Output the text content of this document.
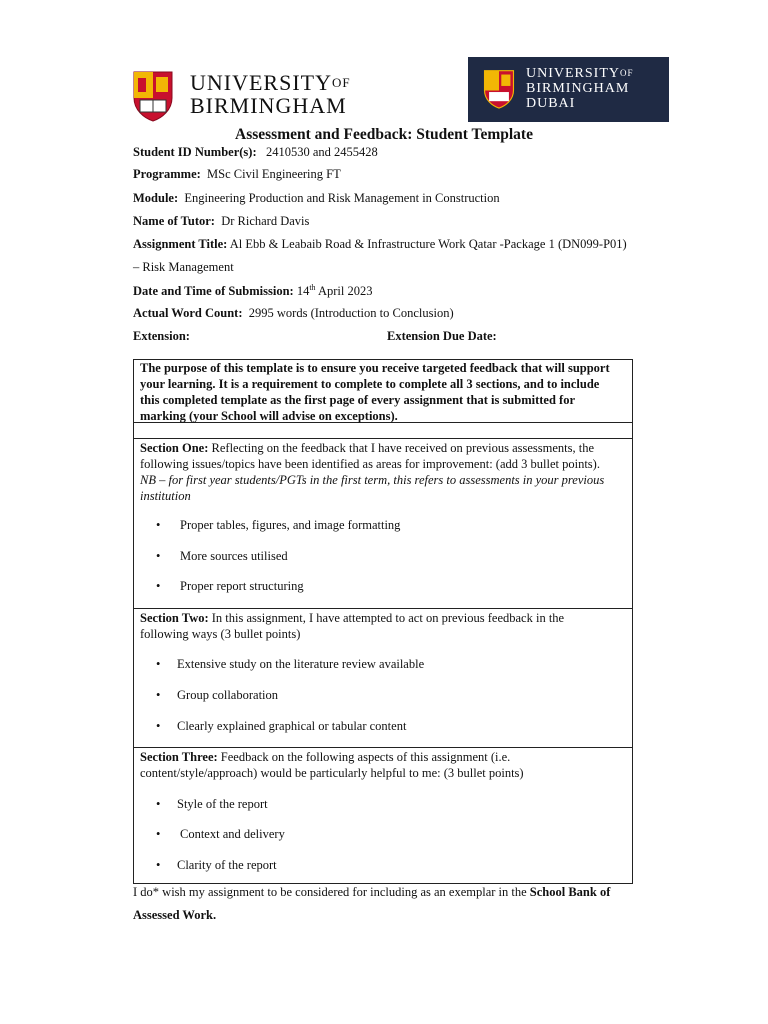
$UNIVERSITY^{OF}$
BIRMINGHAM
$UNIVERSITY^{OF}$
BIRMINGHAM
DUBAI
Assessment and Feedback: Student Template
Student ID Number(s): 2410530 and 2455428
Programme: MSc Civil Engineering FT
Module: Engineering Production and Risk Management in Construction
Name of Tutor: Dr Richard Davis
Assignment Title: Al Ebb & Leabaib Road & Infrastructure Work Qatar -Package 1 (DN099-P01)
– Risk Management
Date and Time of Submission: 14th April 2023
Actual Word Count: 2995 words (Introduction to Conclusion)
Extension:	Extension Due Date:
The purpose of this template is to ensure you receive targeted feedback that will support
your learning. It is a requirement to complete to complete all 3 sections, and to include
this completed template as the first page of every assignment that is submitted for
marking (your School will advise on exceptions).
Section One: Reflecting on the feedback that I have received on previous assessments, the
following issues/topics have been identified as areas for improvement: (add 3 bullet points).
NB – for first year students/PGTs in the first term, this refers to assessments in your previous
institution
• Proper tables, figures, and image formatting
• More sources utilised
• Proper report structuring
Section Two: In this assignment, I have attempted to act on previous feedback in the
following ways (3 bullet points)
• Extensive study on the literature review available
• Group collaboration
• Clearly explained graphical or tabular content
Section Three: Feedback on the following aspects of this assignment (i.e.
content/style/approach) would be particularly helpful to me: (3 bullet points)
• Style of the report
• Context and delivery
• Clarity of the report
I do* wish my assignment to be considered for including as an exemplar in the School Bank of
Assessed Work.
